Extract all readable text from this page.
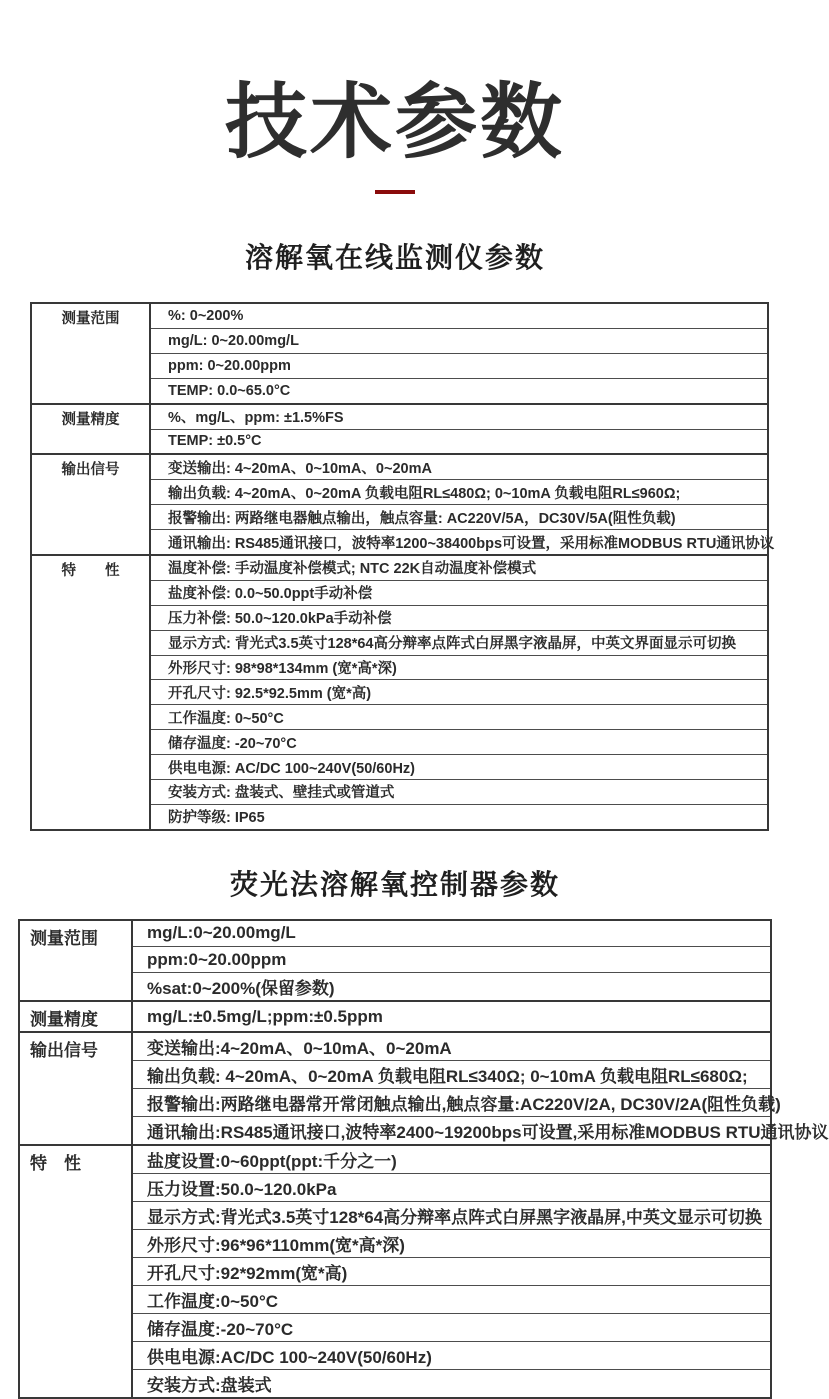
技术参数
溶解氧在线监测仪参数
测量范围	%: 0~200%
	mg/L: 0~20.00mg/L
	ppm: 0~20.00ppm
	TEMP: 0.0~65.0°C
测量精度	%、mg/L、ppm: ±1.5%FS
	TEMP: ±0.5°C
输出信号	变送输出: 4~20mA、0~10mA、0~20mA
	输出负载: 4~20mA、0~20mA 负载电阻RL≤480Ω; 0~10mA 负载电阻RL≤960Ω;
	报警输出: 两路继电器触点输出，触点容量: AC220V/5A，DC30V/5A(阻性负载)
	通讯输出: RS485通讯接口，波特率1200~38400bps可设置，采用标准MODBUS RTU通讯协议
特　　性	温度补偿: 手动温度补偿模式; NTC 22K自动温度补偿模式
	盐度补偿: 0.0~50.0ppt手动补偿
	压力补偿: 50.0~120.0kPa手动补偿
	显示方式: 背光式3.5英寸128*64高分辩率点阵式白屏黑字液晶屏，中英文界面显示可切换
	外形尺寸: 98*98*134mm (宽*高*深)
	开孔尺寸: 92.5*92.5mm (宽*高)
	工作温度: 0~50°C
	储存温度: -20~70°C
	供电电源: AC/DC 100~240V(50/60Hz)
	安装方式: 盘装式、壁挂式或管道式
	防护等级: IP65
荧光法溶解氧控制器参数
测量范围	mg/L:0~20.00mg/L
	ppm:0~20.00ppm
	%sat:0~200%(保留参数)
测量精度	mg/L:±0.5mg/L;ppm:±0.5ppm
输出信号	变送输出:4~20mA、0~10mA、0~20mA
	输出负载: 4~20mA、0~20mA 负载电阻RL≤340Ω; 0~10mA 负载电阻RL≤680Ω;
	报警输出:两路继电器常开常闭触点输出,触点容量:AC220V/2A, DC30V/2A(阻性负载)
	通讯输出:RS485通讯接口,波特率2400~19200bps可设置,采用标准MODBUS RTU通讯协议
特　性	盐度设置:0~60ppt(ppt:千分之一)
	压力设置:50.0~120.0kPa
	显示方式:背光式3.5英寸128*64高分辩率点阵式白屏黑字液晶屏,中英文显示可切换
	外形尺寸:96*96*110mm(宽*高*深)
	开孔尺寸:92*92mm(宽*高)
	工作温度:0~50°C
	储存温度:-20~70°C
	供电电源:AC/DC 100~240V(50/60Hz)
	安装方式:盘装式
